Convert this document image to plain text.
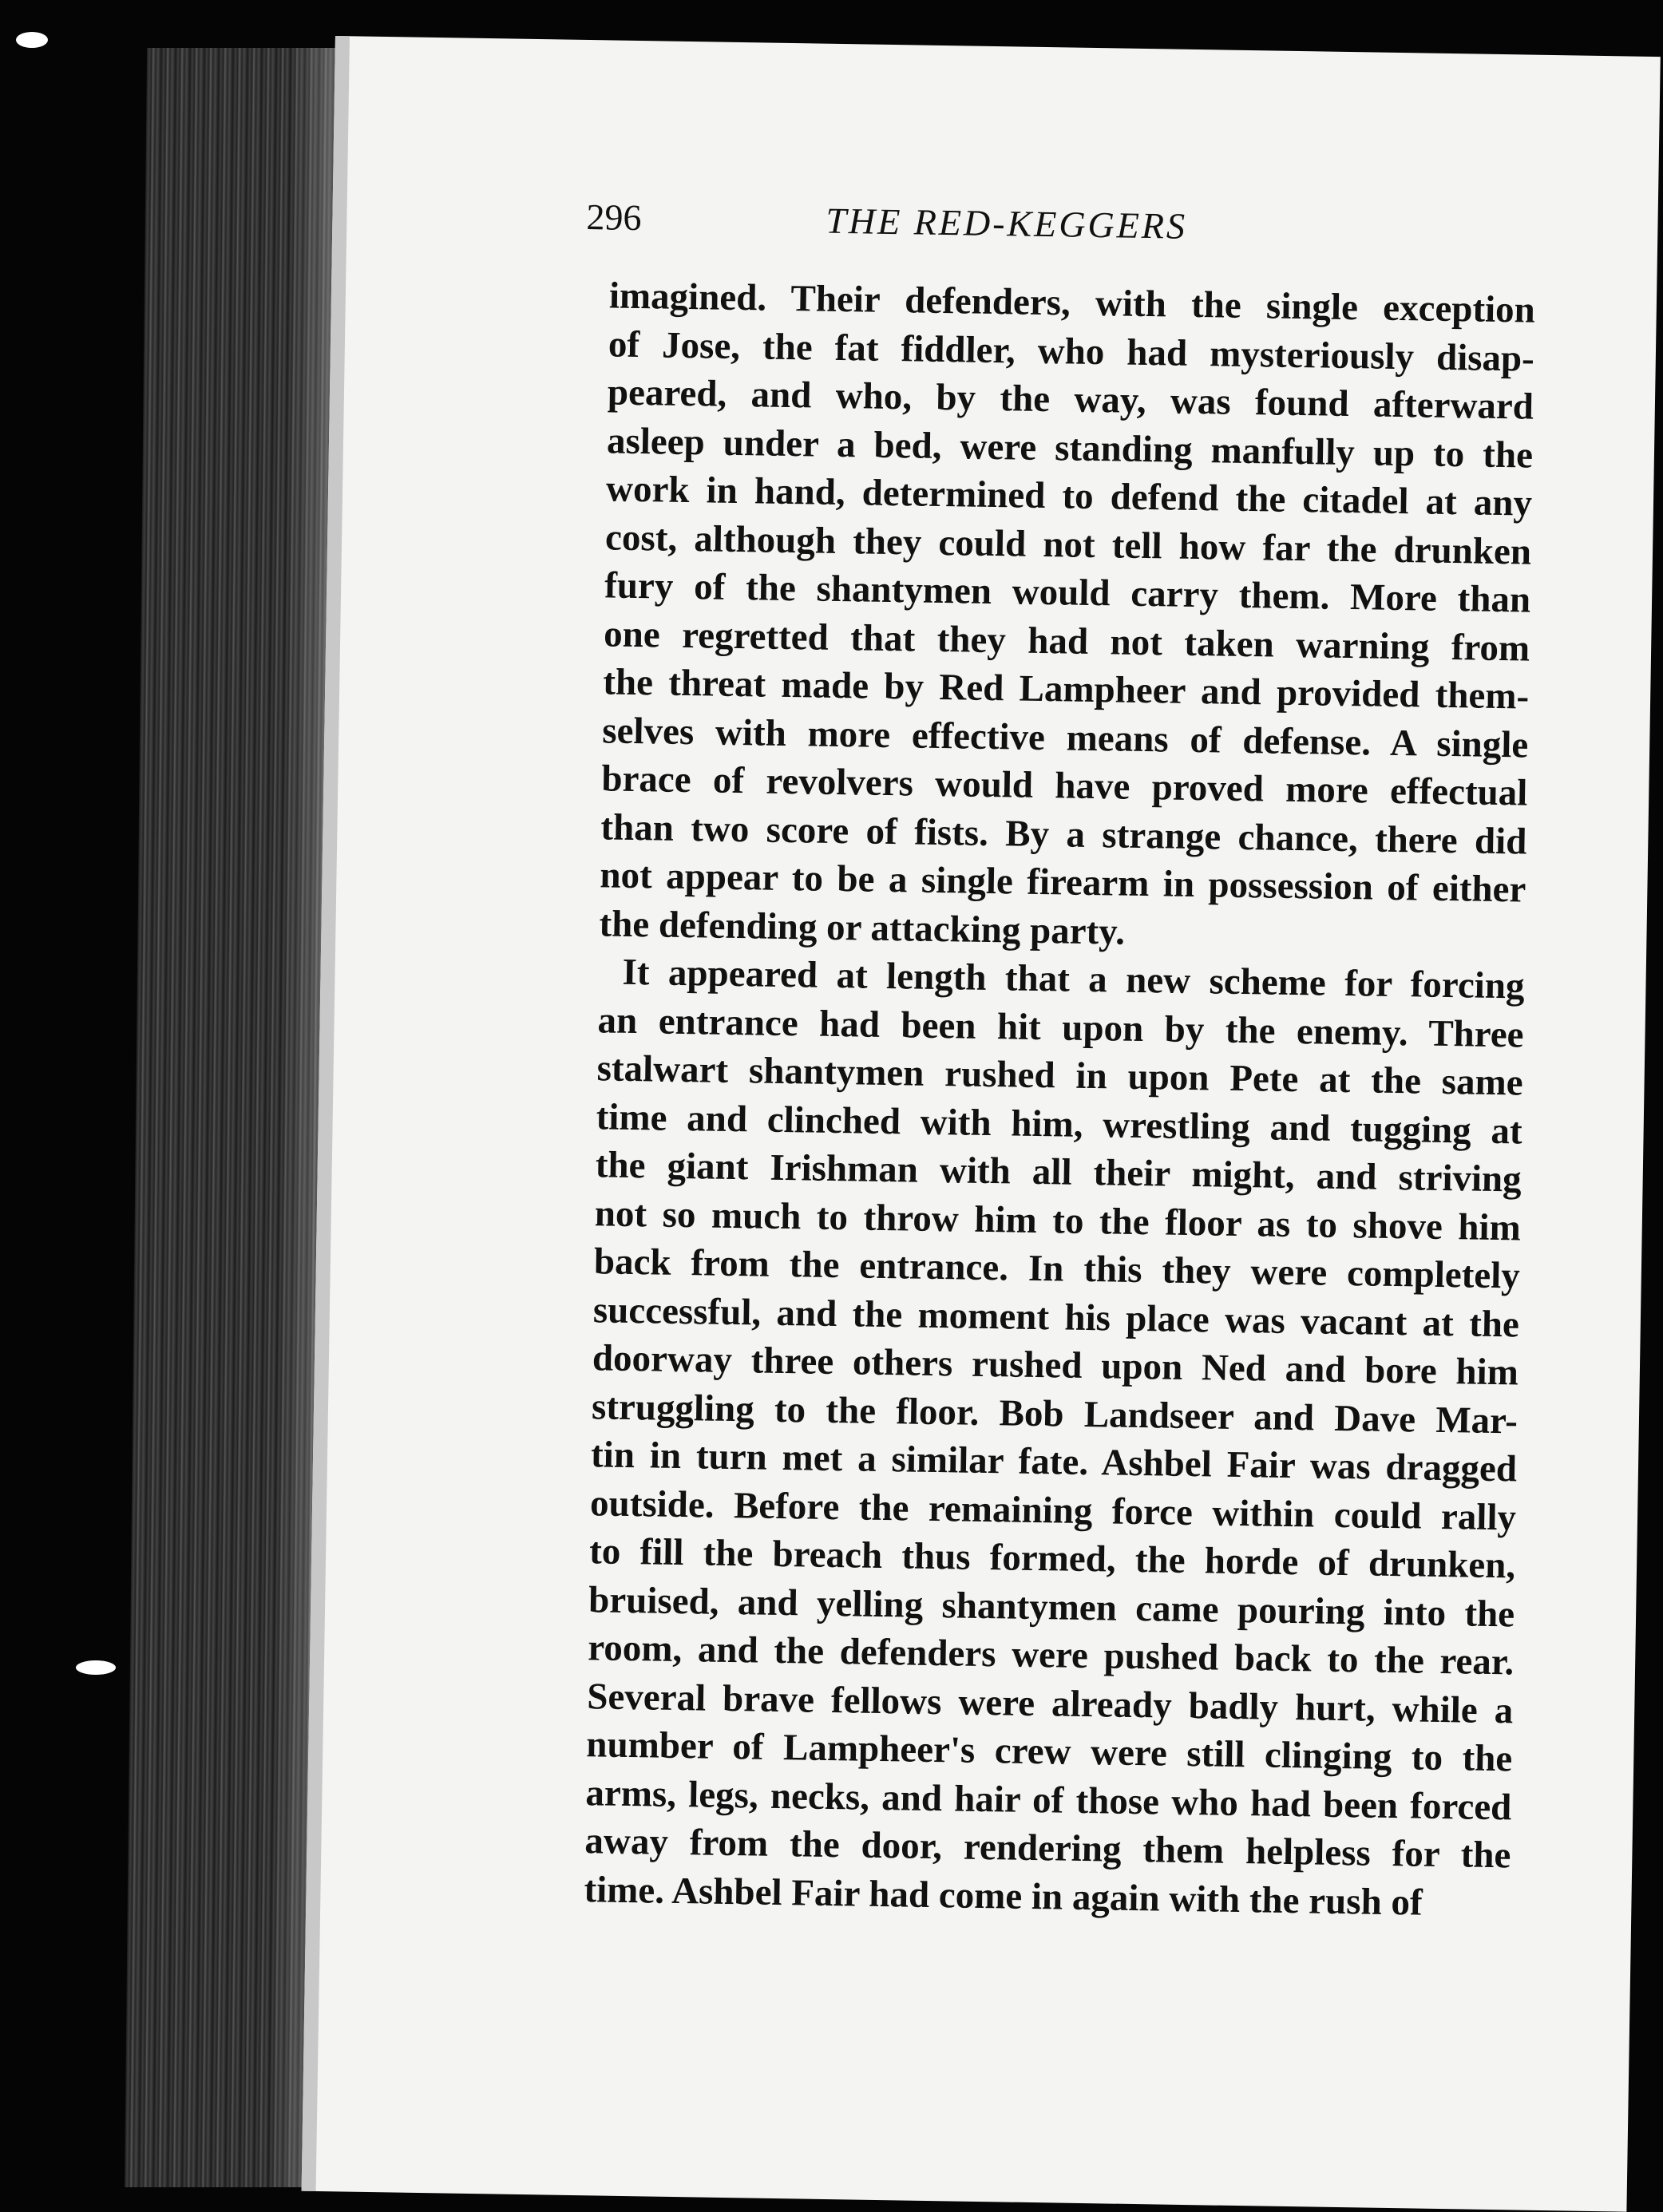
296	THE RED-KEGGERS
imagined. Their defenders, with the single exception
of Jose, the fat fiddler, who had mysteriously disap-
peared, and who, by the way, was found afterward
asleep under a bed, were standing manfully up to the
work in hand, determined to defend the citadel at any
cost, although they could not tell how far the drunken
fury of the shantymen would carry them. More than
one regretted that they had not taken warning from
the threat made by Red Lampheer and provided them-
selves with more effective means of defense. A single
brace of revolvers would have proved more effectual
than two score of fists. By a strange chance, there did
not appear to be a single firearm in possession of either
the defending or attacking party.
It appeared at length that a new scheme for forcing
an entrance had been hit upon by the enemy. Three
stalwart shantymen rushed in upon Pete at the same
time and clinched with him, wrestling and tugging at
the giant Irishman with all their might, and striving
not so much to throw him to the floor as to shove him
back from the entrance. In this they were completely
successful, and the moment his place was vacant at the
doorway three others rushed upon Ned and bore him
struggling to the floor. Bob Landseer and Dave Mar-
tin in turn met a similar fate. Ashbel Fair was dragged
outside. Before the remaining force within could rally
to fill the breach thus formed, the horde of drunken,
bruised, and yelling shantymen came pouring into the
room, and the defenders were pushed back to the rear.
Several brave fellows were already badly hurt, while a
number of Lampheer's crew were still clinging to the
arms, legs, necks, and hair of those who had been forced
away from the door, rendering them helpless for the
time. Ashbel Fair had come in again with the rush of
